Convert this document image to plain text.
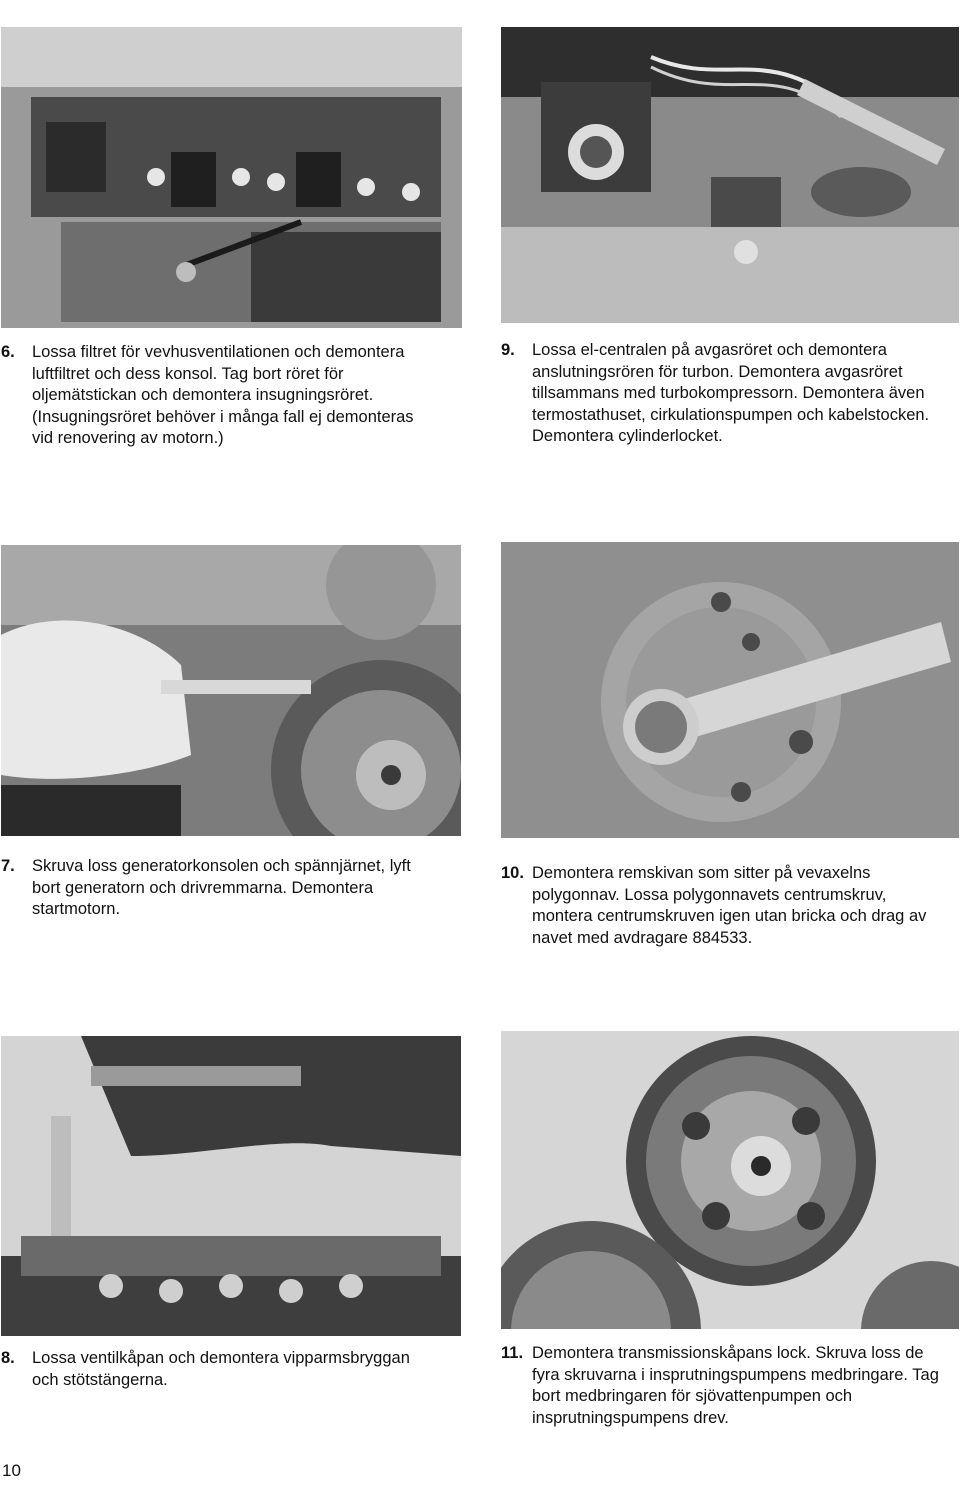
6. Lossa filtret för vevhusventilationen och demontera luftfiltret och dess konsol. Tag bort röret för oljemätstickan och demontera insugningsröret. (Insugningsröret behöver i många fall ej demonteras vid renovering av motorn.)
9. Lossa el-centralen på avgasröret och demontera anslutningsrören för turbon. Demontera avgasröret tillsammans med turbokompressorn. Demontera även termostathuset, cirkulationspumpen och kabelstocken. Demontera cylinderlocket.
7. Skruva loss generatorkonsolen och spännjärnet, lyft bort generatorn och drivremmarna. Demontera startmotorn.
10. Demontera remskivan som sitter på vevaxelns polygonnav. Lossa polygonnavets centrumskruv, montera centrumskruven igen utan bricka och drag av navet med avdragare 884533.
8. Lossa ventilkåpan och demontera vipparmsbryggan och stötstängerna.
11. Demontera transmissionskåpans lock. Skruva loss de fyra skruvarna i insprutningspumpens medbringare. Tag bort medbringaren för sjövattenpumpen och insprutningspumpens drev.
10
